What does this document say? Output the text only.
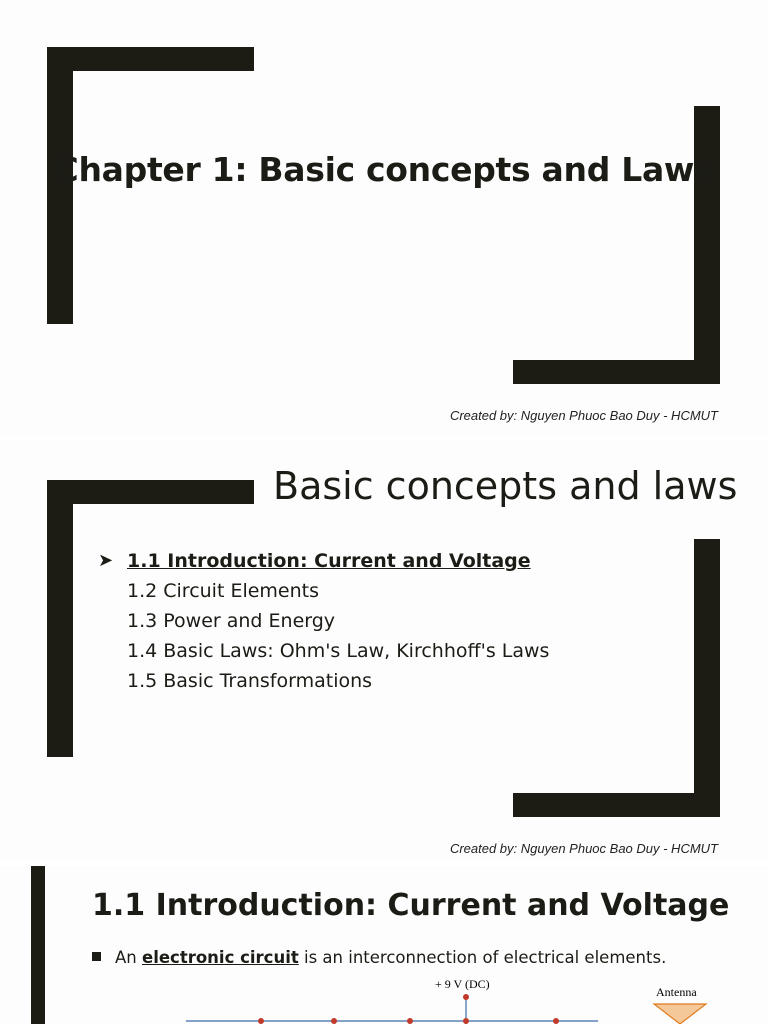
Chapter 1: Basic concepts and Laws
Created by: Nguyen Phuoc Bao Duy - HCMUT
Basic concepts and laws
➤ 1.1 Introduction: Current and Voltage
1.2 Circuit Elements
1.3 Power and Energy
1.4 Basic Laws: Ohm's Law, Kirchhoff's Laws
1.5 Basic Transformations
Created by: Nguyen Phuoc Bao Duy - HCMUT
1.1 Introduction: Current and Voltage
An electronic circuit is an interconnection of electrical elements.
+ 9 V (DC)
Antenna
